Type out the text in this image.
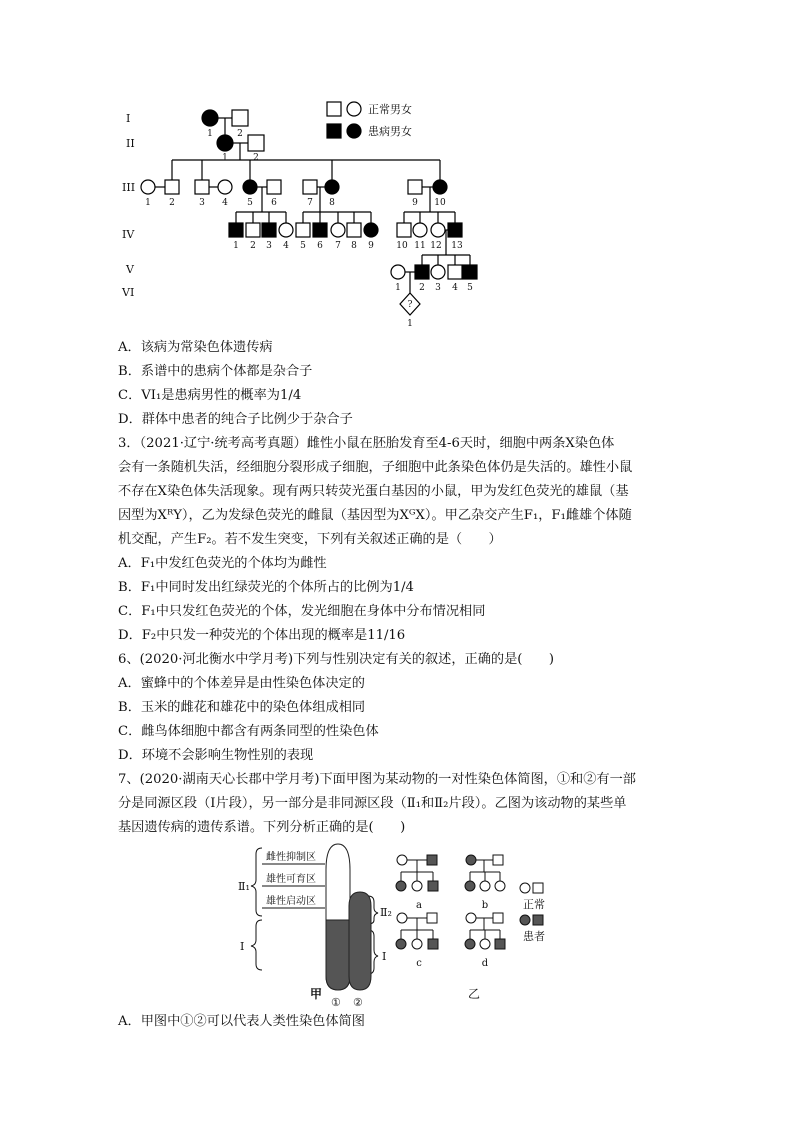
I
II
III
IV
V
VI
正常男女
患病男女
1	2
1	2
1 2	3 4 5 6	7 8	9 10
1 2 3 4 5 6 7 8 9 10 11 12 13
1 2 3 4 5
?
1
A．该病为常染色体遗传病
B．系谱中的患病个体都是杂合子
C．VI₁是患病男性的概率为1/4
D．群体中患者的纯合子比例少于杂合子
3．（2021·辽宁·统考高考真题）雌性小鼠在胚胎发育至4-6天时，细胞中两条X染色体
会有一条随机失活，经细胞分裂形成子细胞，子细胞中此条染色体仍是失活的。雄性小鼠
不存在X染色体失活现象。现有两只转荧光蛋白基因的小鼠，甲为发红色荧光的雄鼠（基
因型为XᴿY），乙为发绿色荧光的雌鼠（基因型为XᴳX）。甲乙杂交产生F₁，F₁雌雄个体随
机交配，产生F₂。若不发生突变，下列有关叙述正确的是（　　）
A．F₁中发红色荧光的个体均为雌性
B．F₁中同时发出红绿荧光的个体所占的比例为1/4
C．F₁中只发红色荧光的个体，发光细胞在身体中分布情况相同
D．F₂中只发一种荧光的个体出现的概率是11/16
6、(2020·河北衡水中学月考)下列与性别决定有关的叙述，正确的是(　　)
A．蜜蜂中的个体差异是由性染色体决定的
B．玉米的雌花和雄花中的染色体组成相同
C．雌鸟体细胞中都含有两条同型的性染色体
D．环境不会影响生物性别的表现
7、(2020·湖南天心长郡中学月考)下面甲图为某动物的一对性染色体简图，①和②有一部
分是同源区段（Ⅰ片段），另一部分是非同源区段（Ⅱ₁和Ⅱ₂片段）。乙图为该动物的某些单
基因遗传病的遗传系谱。下列分析正确的是(　　)
雌性抑制区
雄性可育区
雄性启动区
Ⅱ₁
Ⅰ
Ⅱ₂
Ⅰ
① ②
a	b
c	d
正常
患者
甲	乙
A．甲图中①②可以代表人类性染色体简图
